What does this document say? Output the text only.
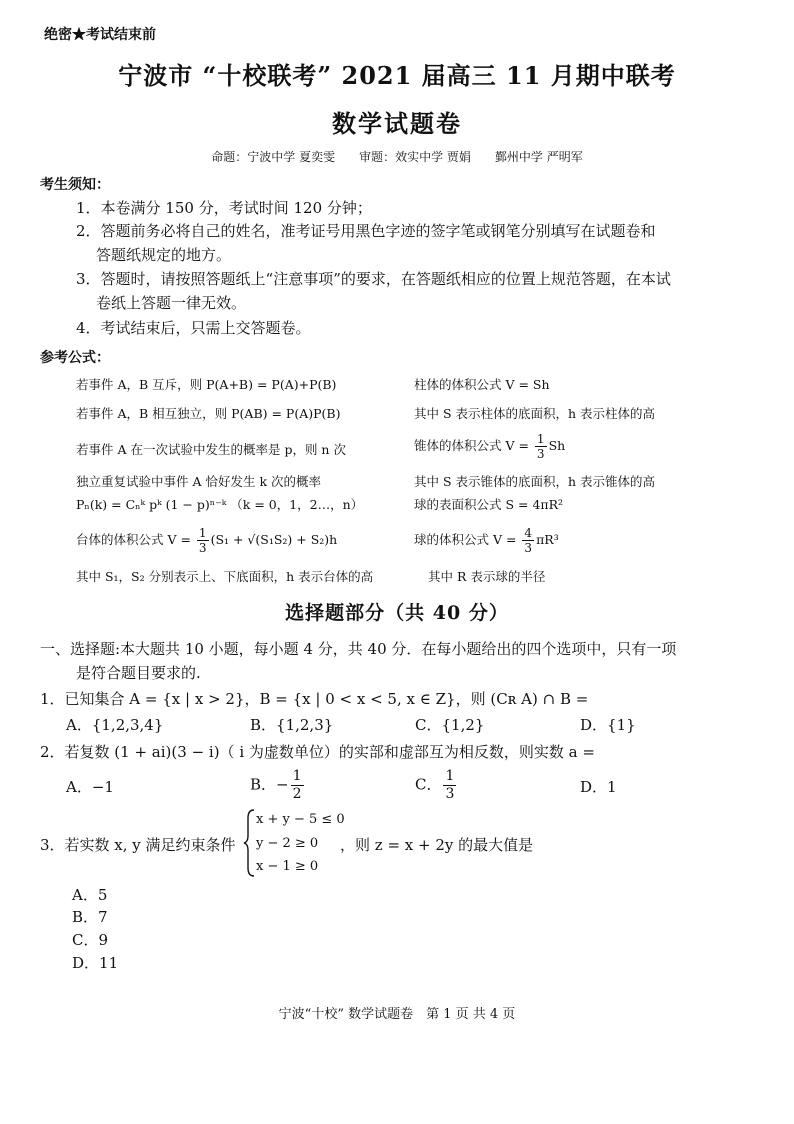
绝密★考试结束前
宁波市 “十校联考” 2021 届高三 11 月期中联考
数学试题卷
命题：宁波中学 夏奕雯　　审题：效实中学 贾娟　　鄞州中学 严明军
考生须知：
1．本卷满分 150 分，考试时间 120 分钟；
2．答题前务必将自己的姓名，准考证号用黑色字迹的签字笔或钢笔分别填写在试题卷和
答题纸规定的地方。
3．答题时，请按照答题纸上“注意事项”的要求，在答题纸相应的位置上规范答题，在本试
卷纸上答题一律无效。
4．考试结束后，只需上交答题卷。
参考公式：
若事件 A，B 互斥，则 P(A+B) = P(A)+P(B)
若事件 A，B 相互独立，则 P(AB) = P(A)P(B)
若事件 A 在一次试验中发生的概率是 p，则 n 次
独立重复试验中事件 A 恰好发生 k 次的概率
Pₙ(k) = Cₙᵏ pᵏ (1 − p)ⁿ⁻ᵏ （k = 0，1，2…，n）
台体的体积公式 $V = \frac{1}{3} (S_1 + √(S_1S_2) + S_2)h$
其中 S₁，S₂ 分别表示上、下底面积，h 表示台体的高
柱体的体积公式 V = Sh
其中 S 表示柱体的底面积，h 表示柱体的高
锥体的体积公式 $V = \frac{1}{3}$ Sh
其中 S 表示锥体的底面积，h 表示锥体的高
球的表面积公式 S = 4πR²
球的体积公式 $V = \frac{4}{3} \pi R^3$
其中 R 表示球的半径
选择题部分（共 40 分）
一、选择题:本大题共 10 小题，每小题 4 分，共 40 分．在每小题给出的四个选项中，只有一项
是符合题目要求的.
1．已知集合 A = {x | x > 2}，B = {x | 0 < x < 5, x ∈ Z}，则 (Cʀ A) ∩ B =
A．{1,2,3,4}	B．{1,2,3}	C．{1,2}	D．{1}
2．若复数 (1 + ai)(3 − i)（ i 为虚数单位）的实部和虚部互为相反数，则实数 a =
A．−1	B．− $\frac{1}{2}$	C． $\frac{1}{3}$	D．1
3．若实数 x, y 满足约束条件
x + y − 5 ≤ 0
y − 2 ≥ 0
x − 1 ≥ 0
，则 z = x + 2y 的最大值是
A．5
B．7
C．9
D．11
宁波“十校” 数学试题卷　第 1 页 共 4 页
